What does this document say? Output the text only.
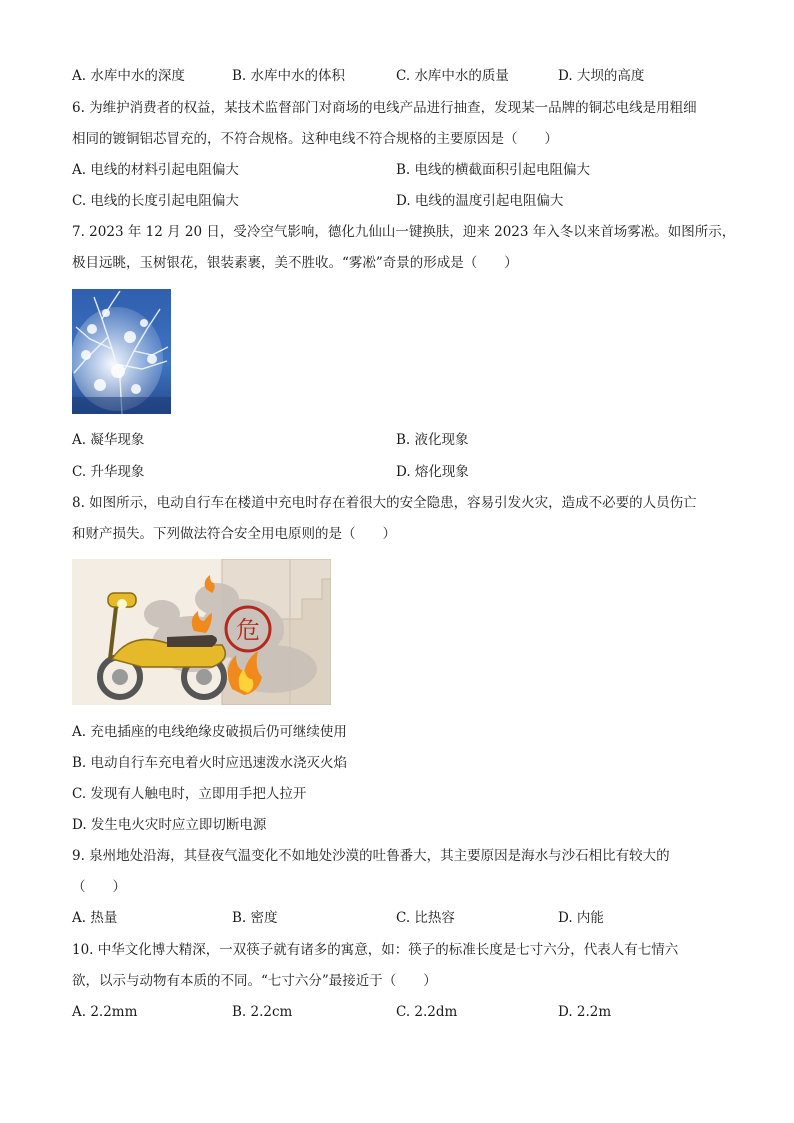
A. 水库中水的深度	B. 水库中水的体积	C. 水库中水的质量	D. 大坝的高度
6. 为维护消费者的权益，某技术监督部门对商场的电线产品进行抽查，发现某一品牌的铜芯电线是用粗细
相同的镀铜铝芯冒充的，不符合规格。这种电线不符合规格的主要原因是（　　）
A. 电线的材料引起电阻偏大	B. 电线的横截面积引起电阻偏大
C. 电线的长度引起电阻偏大	D. 电线的温度引起电阻偏大
7. 2023 年 12 月 20 日，受冷空气影响，德化九仙山一键换肤，迎来 2023 年入冬以来首场雾凇。如图所示，
极目远眺，玉树银花，银装素裹，美不胜收。“雾凇”奇景的形成是（　　）
A. 凝华现象	B. 液化现象
C. 升华现象	D. 熔化现象
8. 如图所示，电动自行车在楼道中充电时存在着很大的安全隐患，容易引发火灾，造成不必要的人员伤亡
和财产损失。下列做法符合安全用电原则的是（　　）
危
A. 充电插座的电线绝缘皮破损后仍可继续使用
B. 电动自行车充电着火时应迅速泼水浇灭火焰
C. 发现有人触电时，立即用手把人拉开
D. 发生电火灾时应立即切断电源
9. 泉州地处沿海，其昼夜气温变化不如地处沙漠的吐鲁番大，其主要原因是海水与沙石相比有较大的
（　　）
A. 热量	B. 密度	C. 比热容	D. 内能
10. 中华文化博大精深，一双筷子就有诸多的寓意，如：筷子的标准长度是七寸六分，代表人有七情六
欲，以示与动物有本质的不同。“七寸六分”最接近于（　　）
A. 2.2mm	B. 2.2cm	C. 2.2dm	D. 2.2m
